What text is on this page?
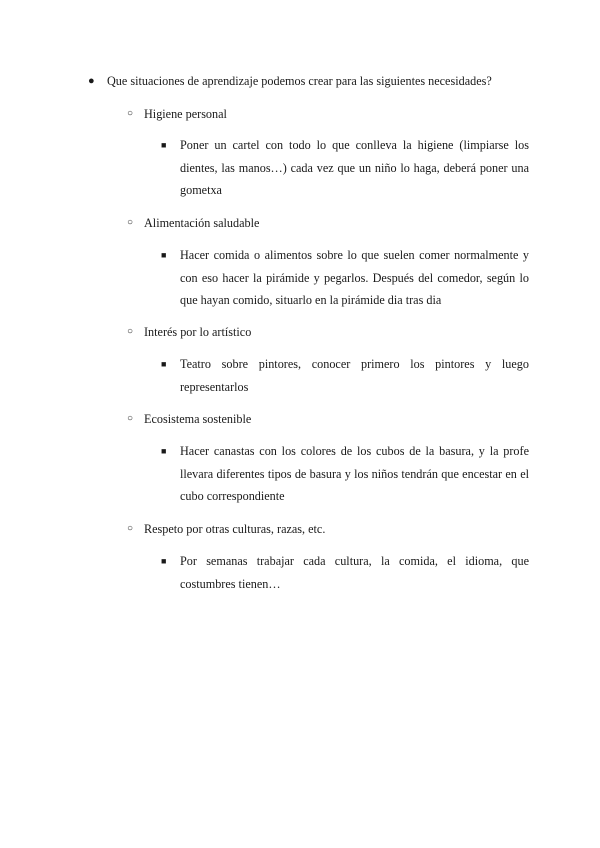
● Que situaciones de aprendizaje podemos crear para las siguientes necesidades?
○ Higiene personal
■ Poner un cartel con todo lo que conlleva la higiene (limpiarse los dientes, las manos…) cada vez que un niño lo haga, deberá poner una gometxa
○ Alimentación saludable
■ Hacer comida o alimentos sobre lo que suelen comer normalmente y con eso hacer la pirámide y pegarlos. Después del comedor, según lo que hayan comido, situarlo en la pirámide dia tras dia
○ Interés por lo artístico
■ Teatro sobre pintores, conocer primero los pintores y luego representarlos
○ Ecosistema sostenible
■ Hacer canastas con los colores de los cubos de la basura, y la profe llevara diferentes tipos de basura y los niños tendrán que encestar en el cubo correspondiente
○ Respeto por otras culturas, razas, etc.
■ Por semanas trabajar cada cultura, la comida, el idioma, que costumbres tienen…
